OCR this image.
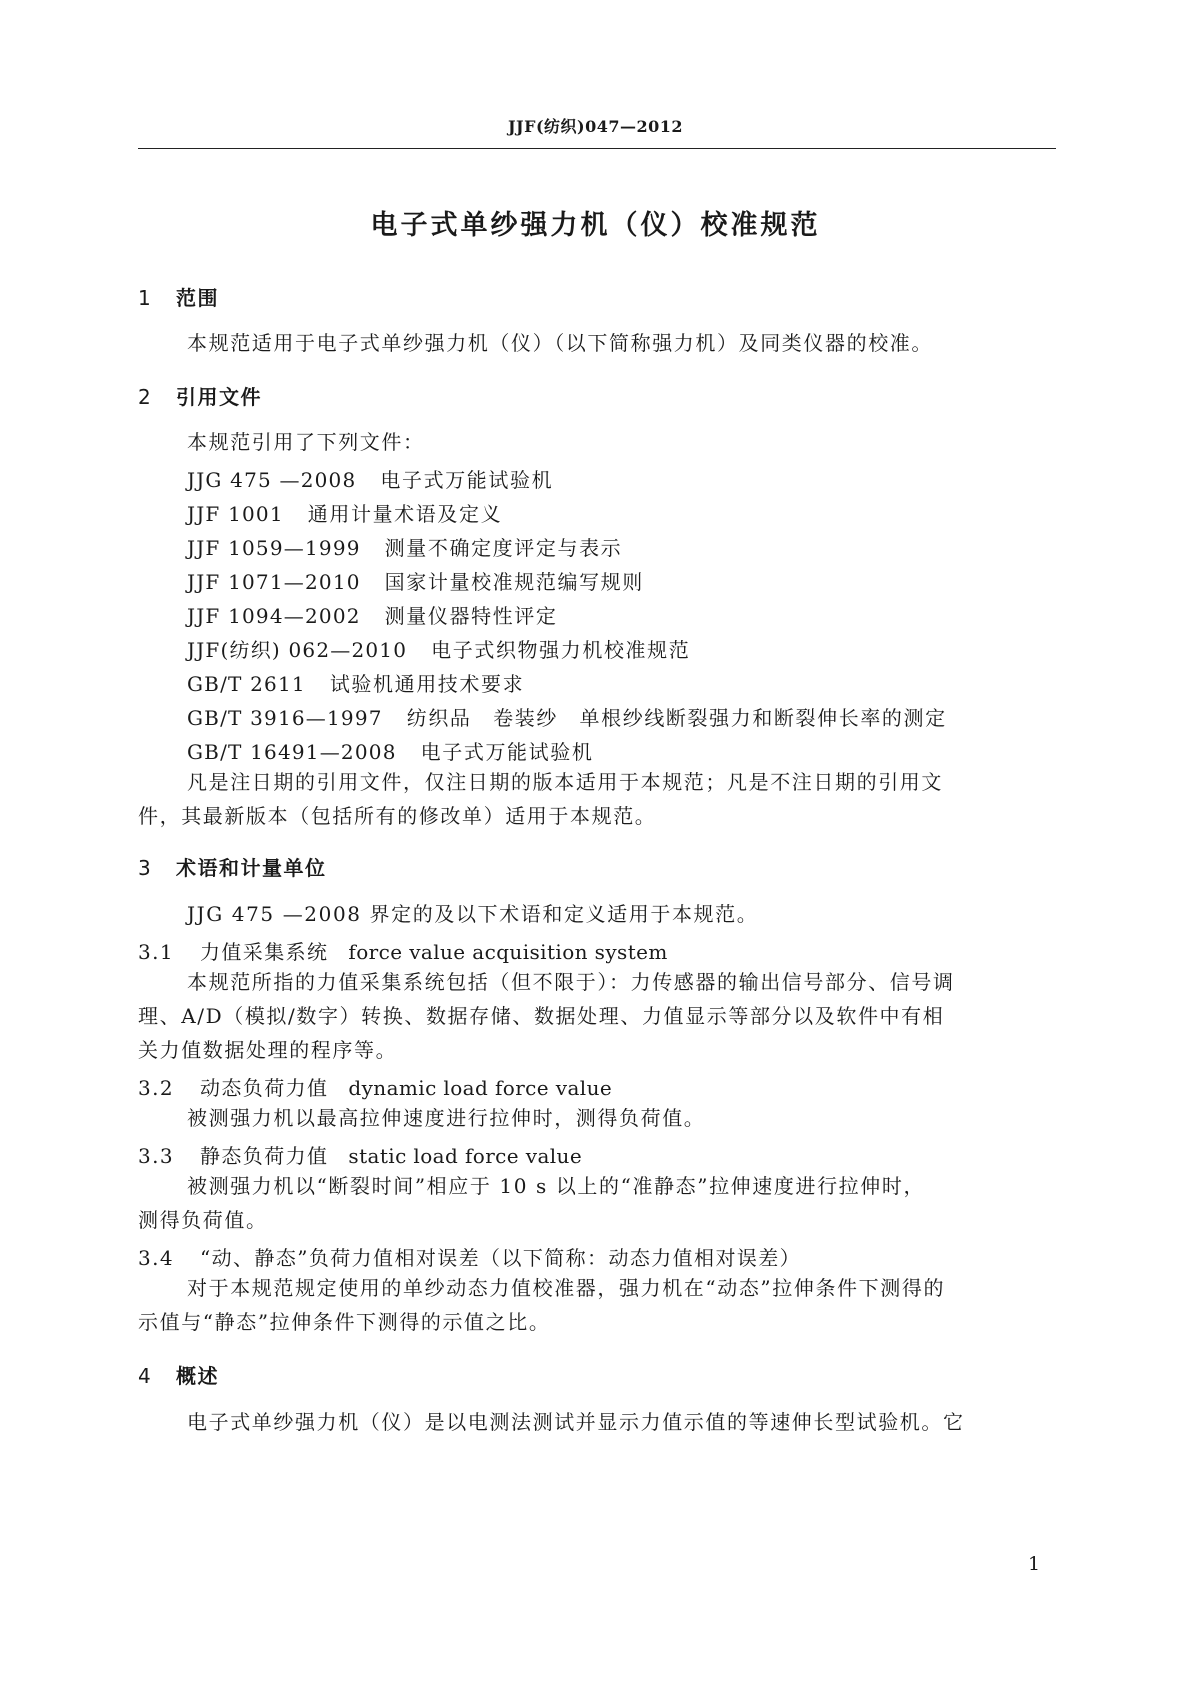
JJF(纺织)047—2012
电子式单纱强力机（仪）校准规范
1 范围
本规范适用于电子式单纱强力机（仪）（以下简称强力机）及同类仪器的校准。
2 引用文件
本规范引用了下列文件：
JJG 475 —2008 电子式万能试验机
JJF 1001 通用计量术语及定义
JJF 1059—1999 测量不确定度评定与表示
JJF 1071—2010 国家计量校准规范编写规则
JJF 1094—2002 测量仪器特性评定
JJF(纺织) 062—2010 电子式织物强力机校准规范
GB/T 2611 试验机通用技术要求
GB/T 3916—1997 纺织品　卷装纱　单根纱线断裂强力和断裂伸长率的测定
GB/T 16491—2008 电子式万能试验机
凡是注日期的引用文件，仅注日期的版本适用于本规范；凡是不注日期的引用文
件，其最新版本（包括所有的修改单）适用于本规范。
3 术语和计量单位
JJG 475 —2008 界定的及以下术语和定义适用于本规范。
3.1 力值采集系统 force value acquisition system
本规范所指的力值采集系统包括（但不限于）：力传感器的输出信号部分、信号调
理、A/D（模拟/数字）转换、数据存储、数据处理、力值显示等部分以及软件中有相
关力值数据处理的程序等。
3.2 动态负荷力值 dynamic load force value
被测强力机以最高拉伸速度进行拉伸时，测得负荷值。
3.3 静态负荷力值 static load force value
被测强力机以“断裂时间”相应于 10 s 以上的“准静态”拉伸速度进行拉伸时，
测得负荷值。
3.4 “动、静态”负荷力值相对误差（以下简称：动态力值相对误差）
对于本规范规定使用的单纱动态力值校准器，强力机在“动态”拉伸条件下测得的
示值与“静态”拉伸条件下测得的示值之比。
4 概述
电子式单纱强力机（仪）是以电测法测试并显示力值示值的等速伸长型试验机。它
1
